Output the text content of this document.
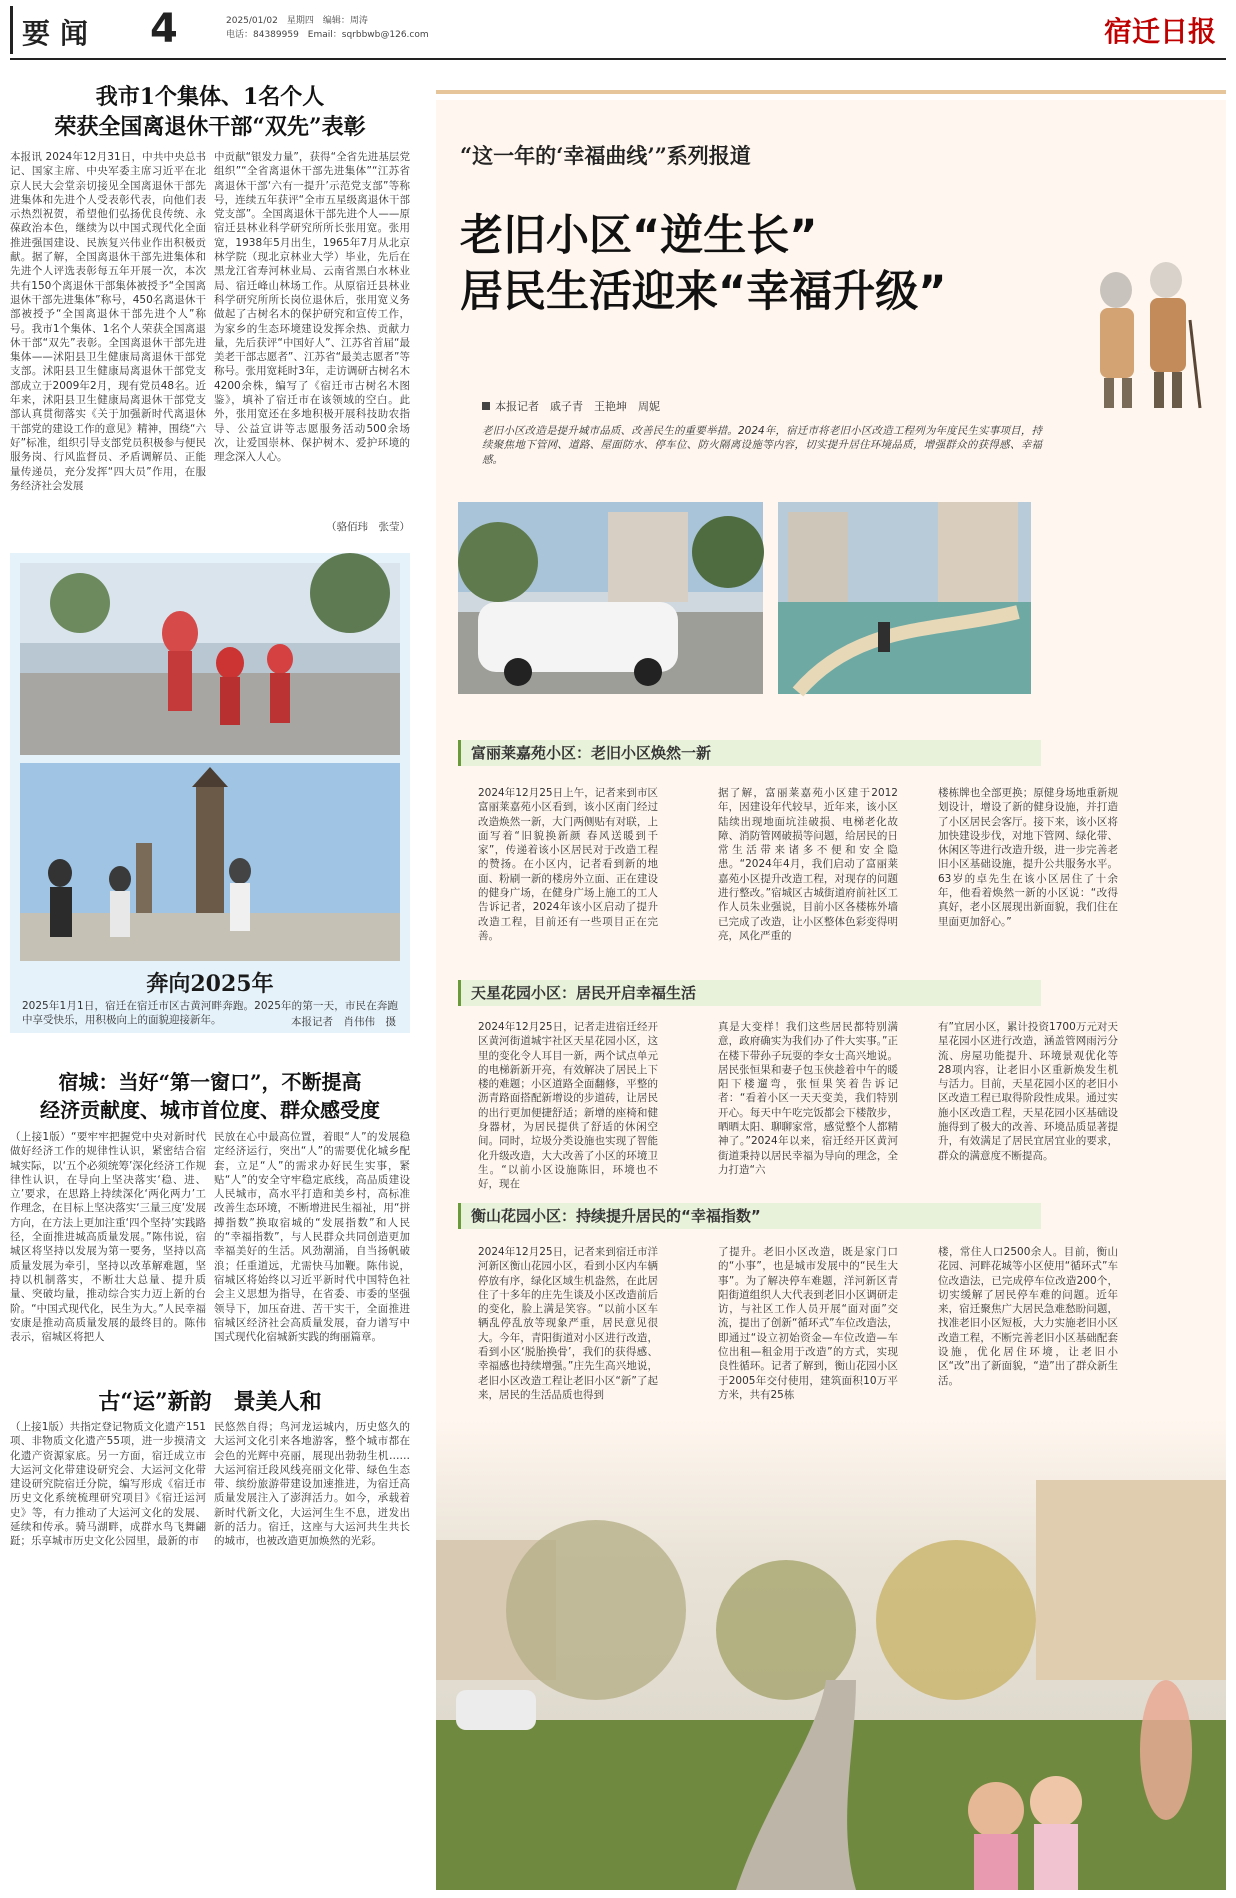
要闻 4	2025/01/02　星期四　编辑：周涛
电话：84389959　Email：sqrbbwb@126.com	宿迁日报
我市1个集体、1名个人
荣获全国离退休干部“双先”表彰
本报讯 2024年12月31日，中共中央总书记、国家主席、中央军委主席习近平在北京人民大会堂亲切接见全国离退休干部先进集体和先进个人受表彰代表，向他们表示热烈祝贺，希望他们弘扬优良传统、永葆政治本色，继续为以中国式现代化全面推进强国建设、民族复兴伟业作出积极贡献。据了解，全国离退休干部先进集体和先进个人评选表彰每五年开展一次，本次共有150个离退休干部集体被授予“全国离退休干部先进集体”称号，450名离退休干部被授予“全国离退休干部先进个人”称号。我市1个集体、1名个人荣获全国离退休干部“双先”表彰。全国离退休干部先进集体——沭阳县卫生健康局离退休干部党支部。沭阳县卫生健康局离退休干部党支部成立于2009年2月，现有党员48名。近年来，沭阳县卫生健康局离退休干部党支部认真贯彻落实《关于加强新时代离退休干部党的建设工作的意见》精神，围绕“六好”标准，组织引导支部党员积极参与便民服务岗、行风监督员、矛盾调解员、正能量传递员，充分发挥“四大员”作用，在服务经济社会发展
中贡献“银发力量”，获得“全省先进基层党组织”“全省离退休干部先进集体”“江苏省离退休干部‘六有一提升’示范党支部”等称号，连续五年获评“全市五星级离退休干部党支部”。全国离退休干部先进个人——原宿迁县林业科学研究所所长张用宽。张用宽，1938年5月出生，1965年7月从北京林学院（现北京林业大学）毕业，先后在黑龙江省寿河林业局、云南省黑白水林业局、宿迁峰山林场工作。从原宿迁县林业科学研究所所长岗位退休后，张用宽义务做起了古树名木的保护研究和宣传工作，为家乡的生态环境建设发挥余热、贡献力量，先后获评“中国好人”、江苏省首届“最美老干部志愿者”、江苏省“最美志愿者”等称号。张用宽耗时3年，走访调研古树名木4200余株，编写了《宿迁市古树名木图鉴》，填补了宿迁市在该领域的空白。此外，张用宽还在多地积极开展科技助农指导、公益宣讲等志愿服务活动500余场次，让爱国崇林、保护树木、爱护环境的理念深入人心。
（骆佰玮　张莹）
奔向2025年
2025年1月1日，宿迁在宿迁市区古黄河畔奔跑。2025年的第一天，市民在奔跑中享受快乐，用积极向上的面貌迎接新年。	本报记者　肖伟伟　摄
宿城：当好“第一窗口”，不断提高
经济贡献度、城市首位度、群众感受度
（上接1版）“要牢牢把握党中央对新时代做好经济工作的规律性认识，紧密结合宿城实际，以‘五个必须统筹’深化经济工作规律性认识，在导向上坚决落实‘稳、进、立’要求，在思路上持续深化‘两化两力’工作理念，在目标上坚决落实‘三量三度’发展方向，在方法上更加注重‘四个坚持’实践路径，全面推进城高质量发展。”陈伟说，宿城区将坚持以发展为第一要务，坚持以高质量发展为牵引，坚持以改革解难题，坚持以机制落实，不断壮大总量、提升质量、突破均量，推动综合实力迈上新的台阶。“中国式现代化，民生为大。”人民幸福安康是推动高质量发展的最终目的。陈伟表示，宿城区将把人
民放在心中最高位置，着眼“人”的发展稳定经济运行，突出“人”的需要优化城乡配套，立足“人”的需求办好民生实事，紧贴“人”的安全守牢稳定底线，高品质建设人民城市，高水平打造和美乡村，高标准改善生态环境，不断增进民生福祉，用“拼搏指数”换取宿城的“发展指数”和人民的“幸福指数”，与人民群众共同创造更加幸福美好的生活。风劲潮涌，自当扬帆破浪；任重道远，尤需快马加鞭。陈伟说，宿城区将始终以习近平新时代中国特色社会主义思想为指导，在省委、市委的坚强领导下，加压奋进、苦干实干，全面推进宿城区经济社会高质量发展，奋力谱写中国式现代化宿城新实践的绚丽篇章。
古“运”新韵　景美人和
（上接1版）共指定登记物质文化遗产151项、非物质文化遗产55项，进一步摸清文化遗产资源家底。另一方面，宿迁成立市大运河文化带建设研究会、大运河文化带建设研究院宿迁分院，编写形成《宿迁市历史文化系统梳理研究项目》《宿迁运河史》等，有力推动了大运河文化的发展、延续和传承。骑马湖畔，成群水鸟飞舞翩跹；乐享城市历史文化公园里，最新的市
民悠然自得；鸟河龙运城内，历史悠久的大运河文化引来各地游客，整个城市都在会色的光辉中亮丽，展现出勃勃生机……大运河宿迁段风线亮丽文化带、绿色生态带、缤纷旅游带建设加速推进，为宿迁高质量发展注入了澎湃活力。如今，承载着新时代新文化，大运河生生不息，迸发出新的活力。宿迁，这座与大运河共生共长的城市，也被改造更加焕然的光彩。
“这一年的‘幸福曲线’”系列报道
老旧小区“逆生长”
居民生活迎来“幸福升级”
本报记者　戚子青　王艳坤　周妮
老旧小区改造是提升城市品质、改善民生的重要举措。2024年，宿迁市将老旧小区改造工程列为年度民生实事项目，持续聚焦地下管网、道路、屋面防水、停车位、防火隔离设施等内容，切实提升居住环境品质，增强群众的获得感、幸福感。
富丽莱嘉苑小区：老旧小区焕然一新
2024年12月25日上午，记者来到市区富丽莱嘉苑小区看到，该小区南门经过改造焕然一新，大门两侧贴有对联，上面写着“旧貌换新颜 春风送暖到千家”，传递着该小区居民对于改造工程的赞扬。在小区内，记者看到新的地面、粉刷一新的楼房外立面、正在建设的健身广场，在健身广场上施工的工人告诉记者，2024年该小区启动了提升改造工程，目前还有一些项目正在完善。
据了解，富丽莱嘉苑小区建于2012年，因建设年代较早，近年来，该小区陆续出现地面坑洼破损、电梯老化故障、消防管网破损等问题，给居民的日常生活带来诸多不便和安全隐患。“2024年4月，我们启动了富丽莱嘉苑小区提升改造工程，对现存的问题进行整改。”宿城区古城街道府前社区工作人员朱业强说，目前小区各楼栋外墙已完成了改造，让小区整体色彩变得明亮，风化严重的
楼栋牌也全部更换；原健身场地重新规划设计，增设了新的健身设施，并打造了小区居民会客厅。接下来，该小区将加快建设步伐，对地下管网、绿化带、休闲区等进行改造升级，进一步完善老旧小区基础设施，提升公共服务水平。63岁的卓先生在该小区居住了十余年，他看着焕然一新的小区说：“改得真好，老小区展现出新面貌，我们住在里面更加舒心。”
天星花园小区：居民开启幸福生活
2024年12月25日，记者走进宿迁经开区黄河街道城宇社区天星花园小区，这里的变化令人耳目一新，两个试点单元的电梯新新开亮，有效解决了居民上下楼的难题；小区道路全面翻修，平整的沥青路面搭配新增设的步道砖，让居民的出行更加便捷舒适；新增的座椅和健身器材，为居民提供了舒适的休闲空间。同时，垃圾分类设施也实现了智能化升级改造，大大改善了小区的环境卫生。“以前小区设施陈旧，环境也不好，现在
真是大变样！我们这些居民都特别满意，政府确实为我们办了件大实事。”正在楼下带孙子玩耍的李女士高兴地说。居民张恒果和妻子包玉侠趁着中午的暖阳下楼遛弯，张恒果笑着告诉记者：“看着小区一天天变美，我们特别开心。每天中午吃完饭都会下楼散步，晒晒太阳、聊聊家常，感觉整个人都精神了。”2024年以来，宿迁经开区黄河街道秉持以居民幸福为导向的理念，全力打造“六
有”宜居小区，累计投资1700万元对天星花园小区进行改造，涵盖管网雨污分流、房屋功能提升、环境景观优化等28项内容，让老旧小区重新焕发生机与活力。目前，天星花园小区的老旧小区改造工程已取得阶段性成果。通过实施小区改造工程，天星花园小区基础设施得到了极大的改善、环境品质显著提升，有效满足了居民宜居宜业的要求，群众的满意度不断提高。
衡山花园小区：持续提升居民的“幸福指数”
2024年12月25日，记者来到宿迁市洋河新区衡山花园小区，看到小区内车辆停放有序，绿化区域生机盎然，在此居住了十多年的庄先生谈及小区改造前后的变化，脸上满是笑容。“以前小区车辆乱停乱放等现象严重，居民意见很大。今年，青阳街道对小区进行改造，看到小区‘脱胎换骨’，我们的获得感、幸福感也持续增强。”庄先生高兴地说，老旧小区改造工程让老旧小区“新”了起来，居民的生活品质也得到
了提升。老旧小区改造，既是家门口的“小事”，也是城市发展中的“民生大事”。为了解决停车难题，洋河新区青阳街道组织人大代表到老旧小区调研走访，与社区工作人员开展“面对面”交流，提出了创新“循环式”车位改造法，即通过“设立初始资金—车位改造—车位出租—租金用于改造”的方式，实现良性循环。记者了解到，衡山花园小区于2005年交付使用，建筑面积10万平方米，共有25栋
楼，常住人口2500余人。目前，衡山花园、河畔花城等小区使用“循环式”车位改造法，已完成停车位改造200个，切实缓解了居民停车难的问题。近年来，宿迁聚焦广大居民急难愁盼问题，找准老旧小区短板，大力实施老旧小区改造工程，不断完善老旧小区基础配套设施，优化居住环境，让老旧小区“改”出了新面貌，“造”出了群众新生活。
